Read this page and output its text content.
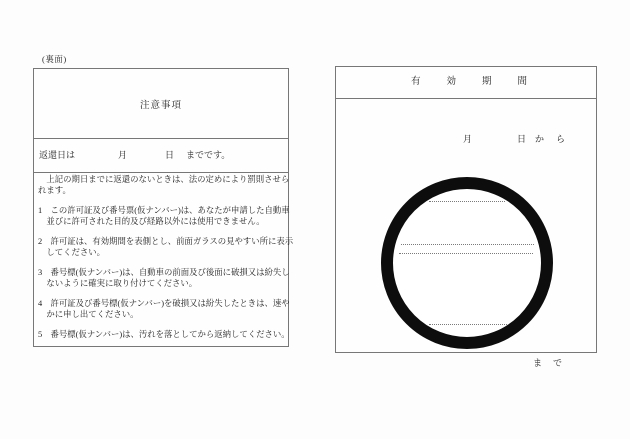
(裏面)
注意事項
返還日は	月	日 までです。
　上記の期日までに返還のないときは、法の定めにより罰則させら
れます。
1　この許可証及び番号票(仮ナンバー)は、あなたが申請した自動車
　並びに許可された目的及び経路以外には使用できません。
2　許可証は、有効期間を表側とし、前面ガラスの見やすい所に表示
　してください。
3　番号標(仮ナンバー)は、自動車の前面及び後面に破損又は紛失し
　ないように確実に取り付けてください。
4　許可証及び番号標(仮ナンバー)を破損又は紛失したときは、速や
　かに申し出てください。
5　番号標(仮ナンバー)は、汚れを落としてから返納してください。
有効期間
月	日 から
まで
